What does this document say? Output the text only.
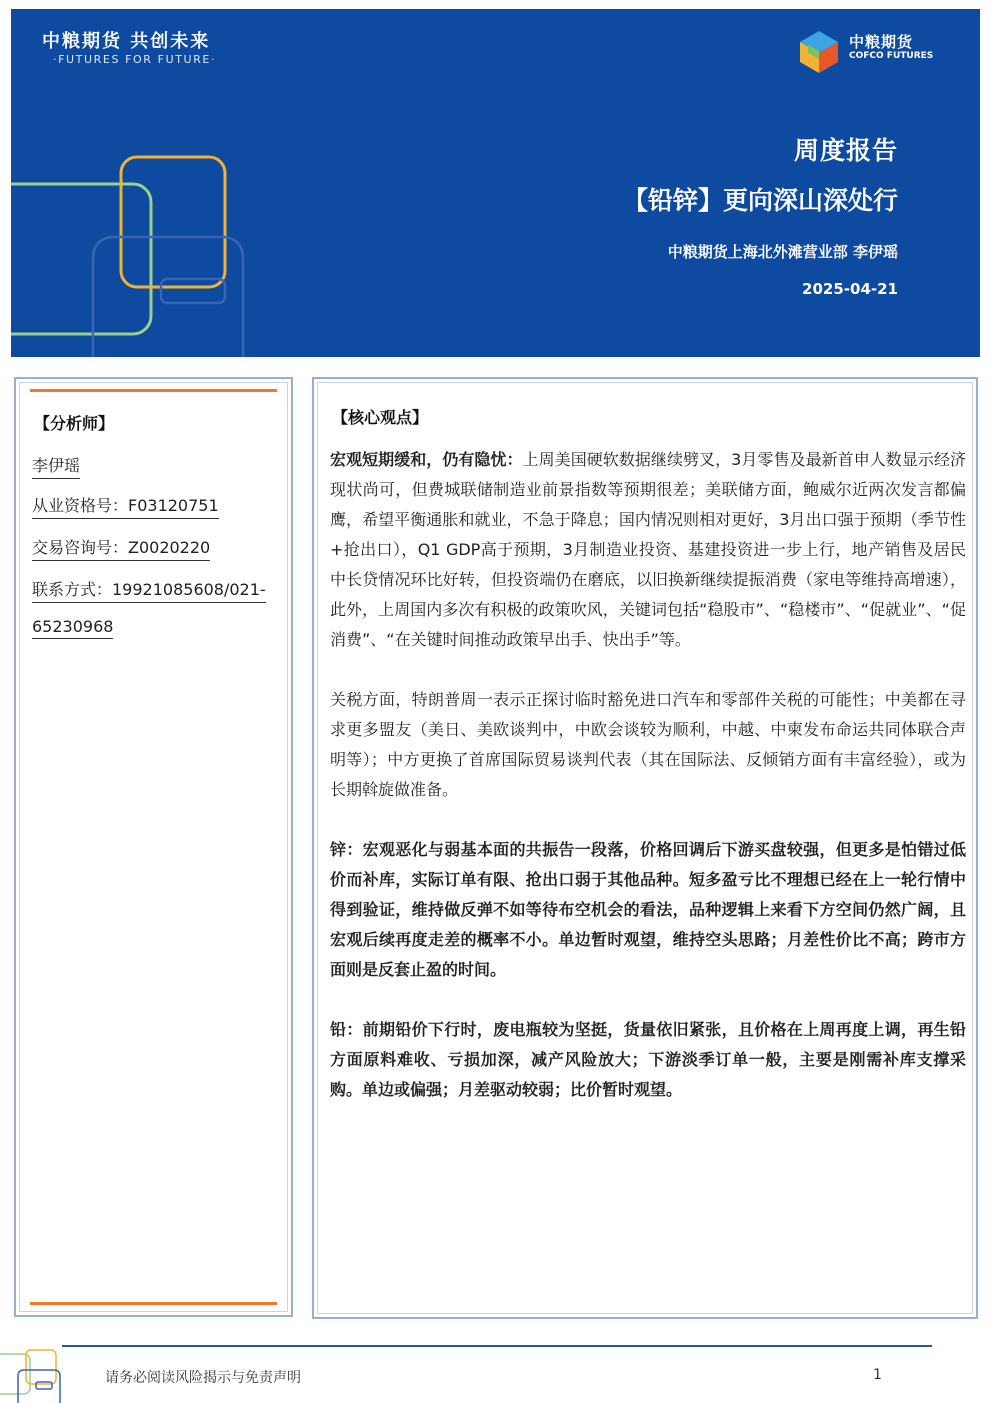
中粮期货 共创未来
·FUTURES FOR FUTURE·
中粮期货
COFCO FUTURES
周度报告
【铅锌】更向深山深处行
中粮期货上海北外滩营业部 李伊瑶
2025-04-21
【分析师】
李伊瑶
从业资格号：F03120751
交易咨询号：Z0020220
联系方式：19921085608/021-
65230968
【核心观点】

宏观短期缓和，仍有隐忧：上周美国硬软数据继续劈叉，3月零售及最新首申人数显示经济现状尚可，但费城联储制造业前景指数等预期很差；美联储方面，鲍威尔近两次发言都偏鹰，希望平衡通胀和就业，不急于降息；国内情况则相对更好，3月出口强于预期（季节性+抢出口），Q1 GDP高于预期，3月制造业投资、基建投资进一步上行，地产销售及居民中长贷情况环比好转，但投资端仍在磨底，以旧换新继续提振消费（家电等维持高增速），此外，上周国内多次有积极的政策吹风，关键词包括“稳股市”、“稳楼市”、“促就业”、“促消费”、“在关键时间推动政策早出手、快出手”等。

关税方面，特朗普周一表示正探讨临时豁免进口汽车和零部件关税的可能性；中美都在寻求更多盟友（美日、美欧谈判中，中欧会谈较为顺利，中越、中柬发布命运共同体联合声明等）；中方更换了首席国际贸易谈判代表（其在国际法、反倾销方面有丰富经验），或为长期斡旋做准备。

锌：宏观恶化与弱基本面的共振告一段落，价格回调后下游买盘较强，但更多是怕错过低价而补库，实际订单有限、抢出口弱于其他品种。短多盈亏比不理想已经在上一轮行情中得到验证，维持做反弹不如等待布空机会的看法，品种逻辑上来看下方空间仍然广阔，且宏观后续再度走差的概率不小。单边暂时观望，维持空头思路；月差性价比不高；跨市方面则是反套止盈的时间。

铅：前期铅价下行时，废电瓶较为坚挺，货量依旧紧张，且价格在上周再度上调，再生铅方面原料难收、亏损加深，减产风险放大；下游淡季订单一般，主要是刚需补库支撑采购。单边或偏强；月差驱动较弱；比价暂时观望。

请务必阅读风险揭示与免责声明	1
